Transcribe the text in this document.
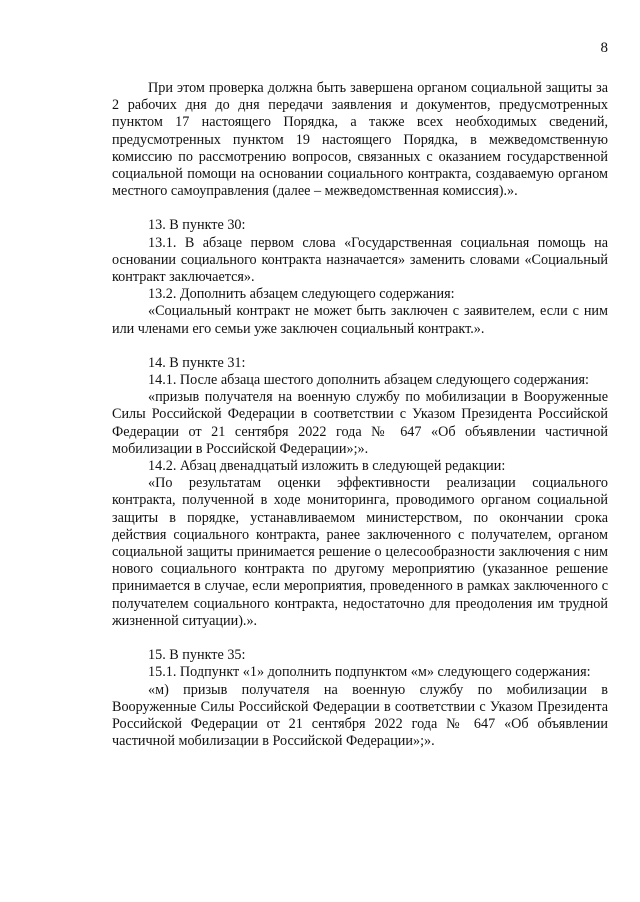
8

При этом проверка должна быть завершена органом социальной защиты за 2 рабочих дня до дня передачи заявления и документов, предусмотренных пунктом 17 настоящего Порядка, а также всех необходимых сведений, предусмотренных пунктом 19 настоящего Порядка, в межведомственную комиссию по рассмотрению вопросов, связанных с оказанием государственной социальной помощи на основании социального контракта, создаваемую органом местного самоуправления (далее – межведомственная комиссия).».

13. В пункте 30:

13.1. В абзаце первом слова «Государственная социальная помощь на основании социального контракта назначается» заменить словами «Социальный контракт заключается».

13.2. Дополнить абзацем следующего содержания:

«Социальный контракт не может быть заключен с заявителем, если с ним или членами его семьи уже заключен социальный контракт.».

14. В пункте 31:

14.1. После абзаца шестого дополнить абзацем следующего содержания:

«призыв получателя на военную службу по мобилизации в Вооруженные Силы Российской Федерации в соответствии с Указом Президента Российской Федерации от 21 сентября 2022 года № 647 «Об объявлении частичной мобилизации в Российской Федерации»;».

14.2. Абзац двенадцатый изложить в следующей редакции:

«По результатам оценки эффективности реализации социального контракта, полученной в ходе мониторинга, проводимого органом социальной защиты в порядке, устанавливаемом министерством, по окончании срока действия социального контракта, ранее заключенного с получателем, органом социальной защиты принимается решение о целесообразности заключения с ним нового социального контракта по другому мероприятию (указанное решение принимается в случае, если мероприятия, проведенного в рамках заключенного с получателем социального контракта, недостаточно для преодоления им трудной жизненной ситуации).».

15. В пункте 35:

15.1. Подпункт «1» дополнить подпунктом «м» следующего содержания:

«м) призыв получателя на военную службу по мобилизации в Вооруженные Силы Российской Федерации в соответствии с Указом Президента Российской Федерации от 21 сентября 2022 года № 647 «Об объявлении частичной мобилизации в Российской Федерации»;».
